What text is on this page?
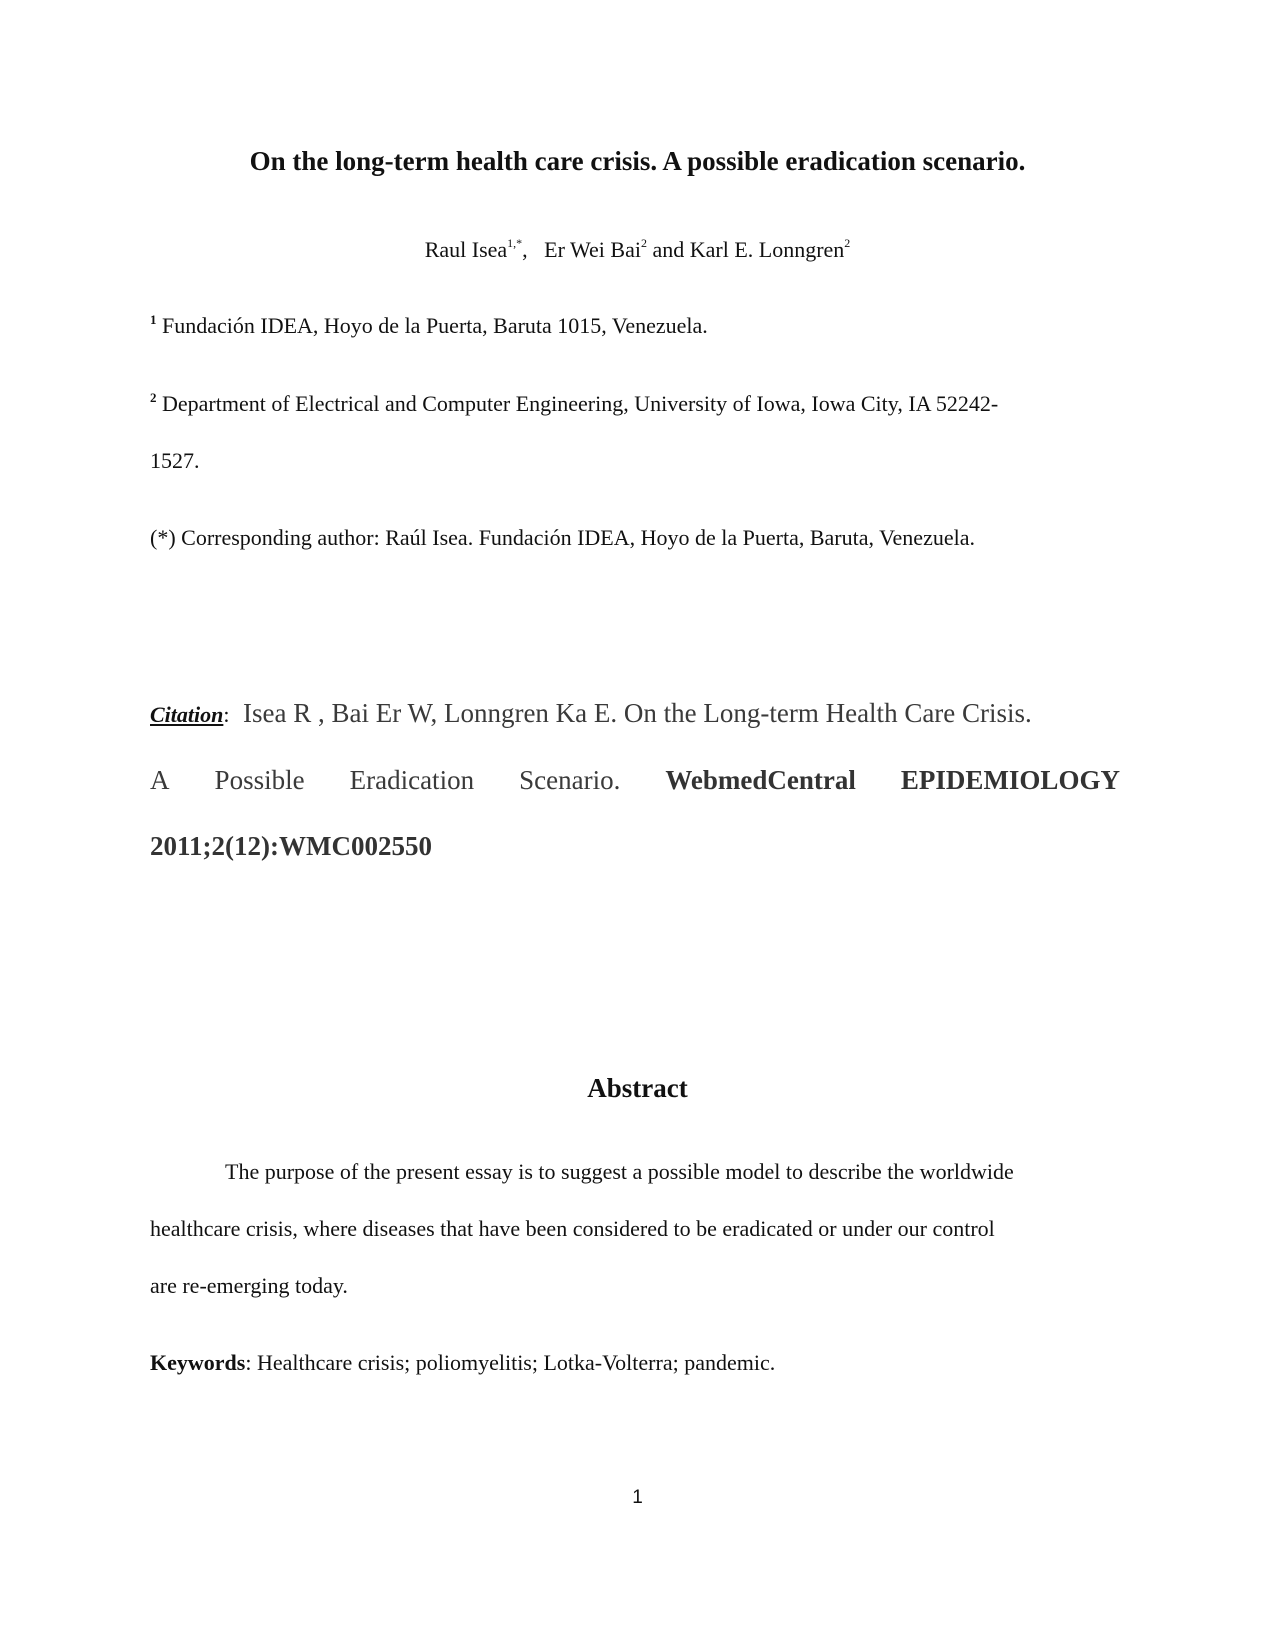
On the long-term health care crisis. A possible eradication scenario.
Raul Isea$^{1,*}$,   Er Wei Bai$^2$ and Karl E. Lonngren$^2$
$^1$ Fundación IDEA, Hoyo de la Puerta, Baruta 1015, Venezuela.
$^2$ Department of Electrical and Computer Engineering, University of Iowa, Iowa City, IA 52242-
1527.
(*) Corresponding author: Raúl Isea. Fundación IDEA, Hoyo de la Puerta, Baruta, Venezuela.
Citation:  Isea R , Bai Er W, Lonngren Ka E. On the Long-term Health Care Crisis.
A Possible Eradication Scenario. WebmedCentral EPIDEMIOLOGY
2011;2(12):WMC002550
Abstract
The purpose of the present essay is to suggest a possible model to describe the worldwide
healthcare crisis, where diseases that have been considered to be eradicated or under our control
are re-emerging today.
Keywords: Healthcare crisis; poliomyelitis; Lotka-Volterra; pandemic.
1
